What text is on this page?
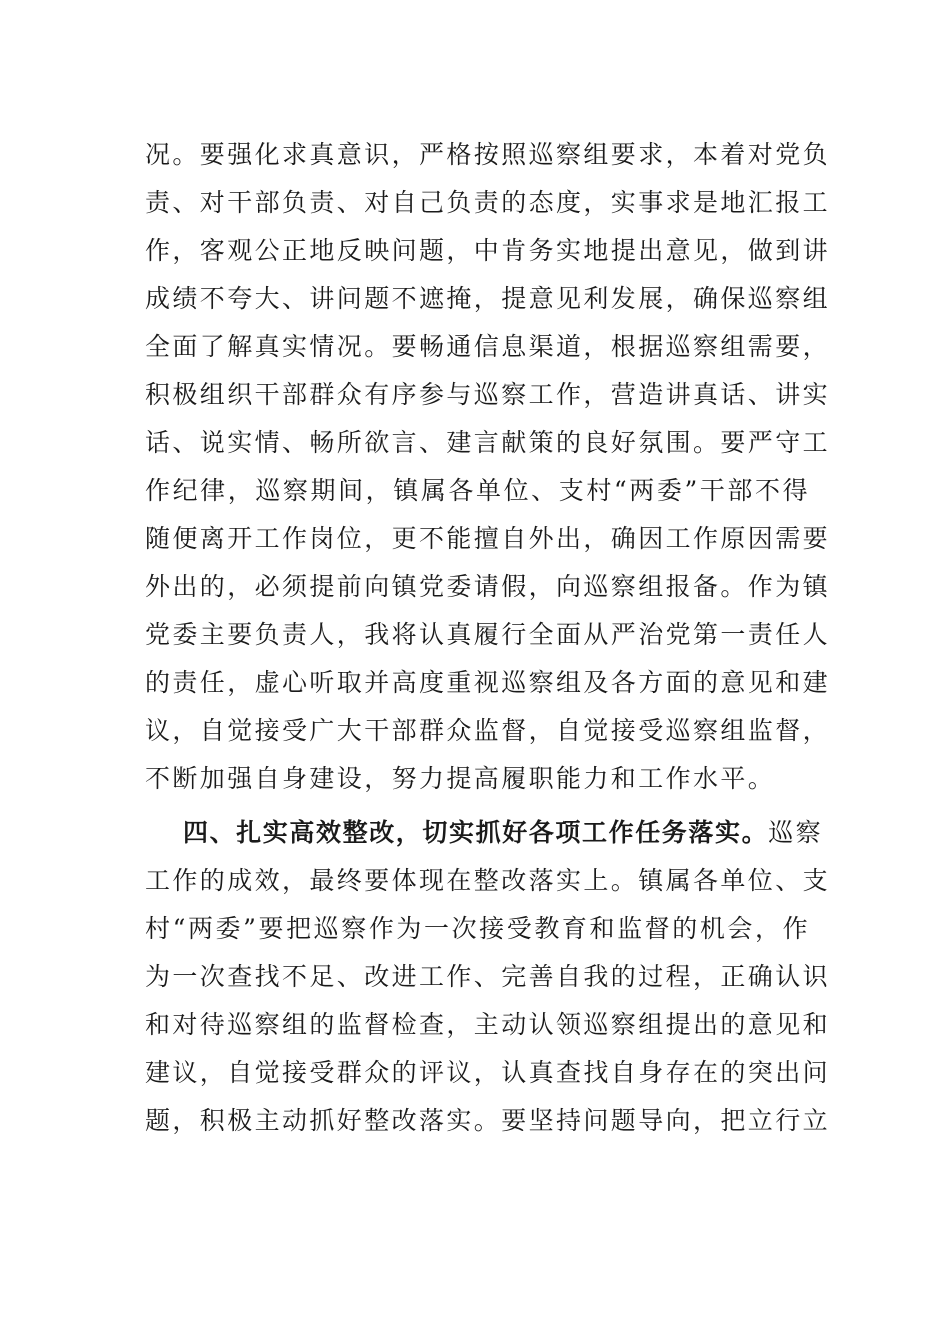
况。要强化求真意识，严格按照巡察组要求，本着对党负
责、对干部负责、对自己负责的态度，实事求是地汇报工
作，客观公正地反映问题，中肯务实地提出意见，做到讲
成绩不夸大、讲问题不遮掩，提意见利发展，确保巡察组
全面了解真实情况。要畅通信息渠道，根据巡察组需要，
积极组织干部群众有序参与巡察工作，营造讲真话、讲实
话、说实情、畅所欲言、建言献策的良好氛围。要严守工
作纪律，巡察期间，镇属各单位、支村“两委”干部不得
随便离开工作岗位，更不能擅自外出，确因工作原因需要
外出的，必须提前向镇党委请假，向巡察组报备。作为镇
党委主要负责人，我将认真履行全面从严治党第一责任人
的责任，虚心听取并高度重视巡察组及各方面的意见和建
议，自觉接受广大干部群众监督，自觉接受巡察组监督，
不断加强自身建设，努力提高履职能力和工作水平。
四、扎实高效整改，切实抓好各项工作任务落实。巡察
工作的成效，最终要体现在整改落实上。镇属各单位、支
村“两委”要把巡察作为一次接受教育和监督的机会，作
为一次查找不足、改进工作、完善自我的过程，正确认识
和对待巡察组的监督检查，主动认领巡察组提出的意见和
建议，自觉接受群众的评议，认真查找自身存在的突出问
题，积极主动抓好整改落实。要坚持问题导向，把立行立
